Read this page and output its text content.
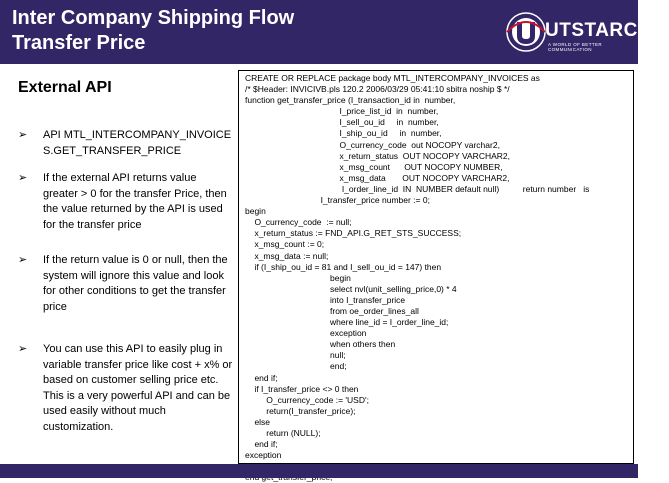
Inter Company Shipping Flow
Transfer Price
UTSTARCOM
A WORLD OF BETTER COMMUNICATION
External API
➢ API MTL_INTERCOMPANY_INVOICES.GET_TRANSFER_PRICE
➢ If the external API returns value greater > 0 for the transfer Price, then the value returned by the API is used for the transfer price
➢ If the return value is 0 or null, then the system will ignore this value and look for other conditions to get the transfer price
➢ You can use this API to easily plug in variable transfer price like cost + x% or based on customer selling price etc. This is a very powerful API and can be used easily without much customization.
CREATE OR REPLACE package body MTL_INTERCOMPANY_INVOICES as
/* $Header: INVICIVB.pls 120.2 2006/03/29 05:41:10 sbitra noship $ */
function get_transfer_price (I_transaction_id in  number,
I_price_list_id  in  number,
I_sell_ou_id     in  number,
I_ship_ou_id     in  number,
O_currency_code  out NOCOPY varchar2,
x_return_status  OUT NOCOPY VARCHAR2,
x_msg_count      OUT NOCOPY NUMBER,
x_msg_data       OUT NOCOPY VARCHAR2,
I_order_line_id  IN  NUMBER default null)          return number   is
I_transfer_price number := 0;
begin
O_currency_code  := null;
x_return_status := FND_API.G_RET_STS_SUCCESS;
x_msg_count := 0;
x_msg_data := null;
if (I_ship_ou_id = 81 and I_sell_ou_id = 147) then
begin
select nvl(unit_selling_price,0) * 4
into I_transfer_price
from oe_order_lines_all
where line_id = I_order_line_id;
exception
when others then
null;
end;
end if;
if I_transfer_price <> 0 then
O_currency_code := 'USD';
return(I_transfer_price);
else
return (NULL);
end if;
exception
